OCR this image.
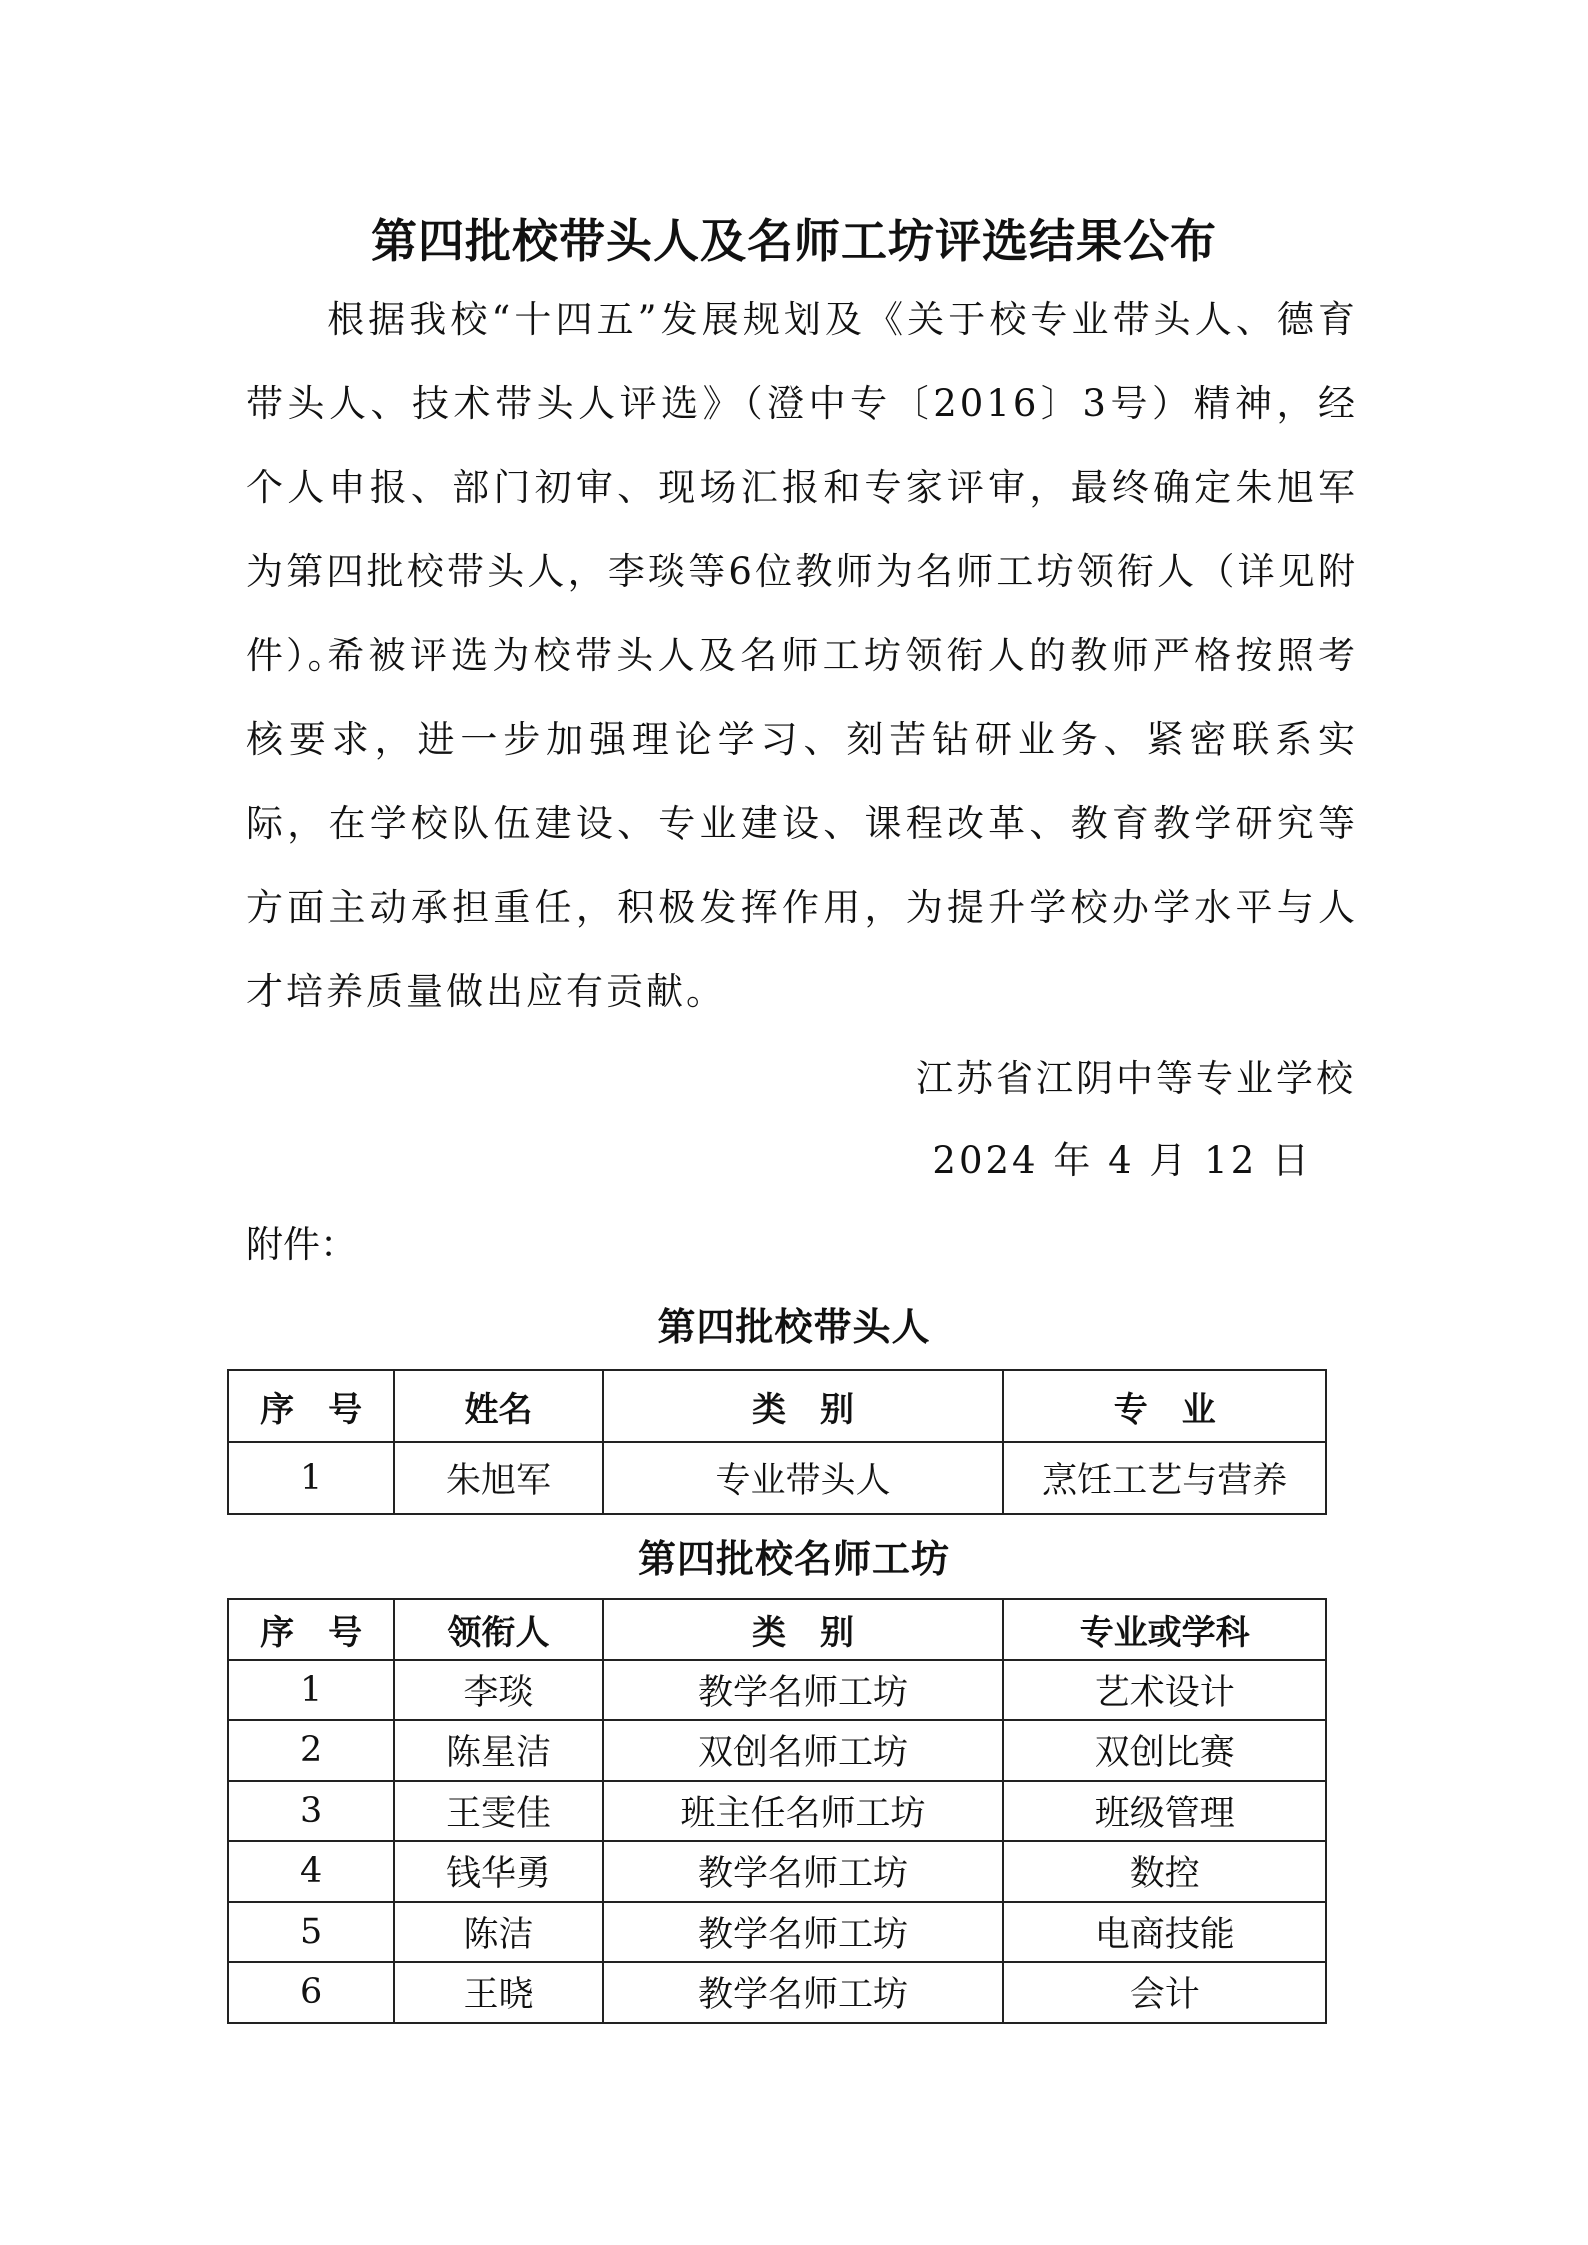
第四批校带头人及名师工坊评选结果公布

根据我校“十四五”发展规划及《关于校专业带头人、德育带头人、技术带头人评选》（澄中专〔2016〕3号）精神，经个人申报、部门初审、现场汇报和专家评审，最终确定朱旭军为第四批校带头人，李琰等6位教师为名师工坊领衔人（详见附件）。

希被评选为校带头人及名师工坊领衔人的教师严格按照考核要求，进一步加强理论学习、刻苦钻研业务、紧密联系实际，在学校队伍建设、专业建设、课程改革、教育教学研究等方面主动承担重任，积极发挥作用，为提升学校办学水平与人才培养质量做出应有贡献。

江苏省江阴中等专业学校

2024 年 4 月 12 日

附件：

第四批校带头人
序　号	姓名	类　别	专　业
1	朱旭军	专业带头人	烹饪工艺与营养
第四批校名师工坊
序　号	领衔人	类　别	专业或学科
1	李琰	教学名师工坊	艺术设计
2	陈星洁	双创名师工坊	双创比赛
3	王雯佳	班主任名师工坊	班级管理
4	钱华勇	教学名师工坊	数控
5	陈洁	教学名师工坊	电商技能
6	王晓	教学名师工坊	会计
